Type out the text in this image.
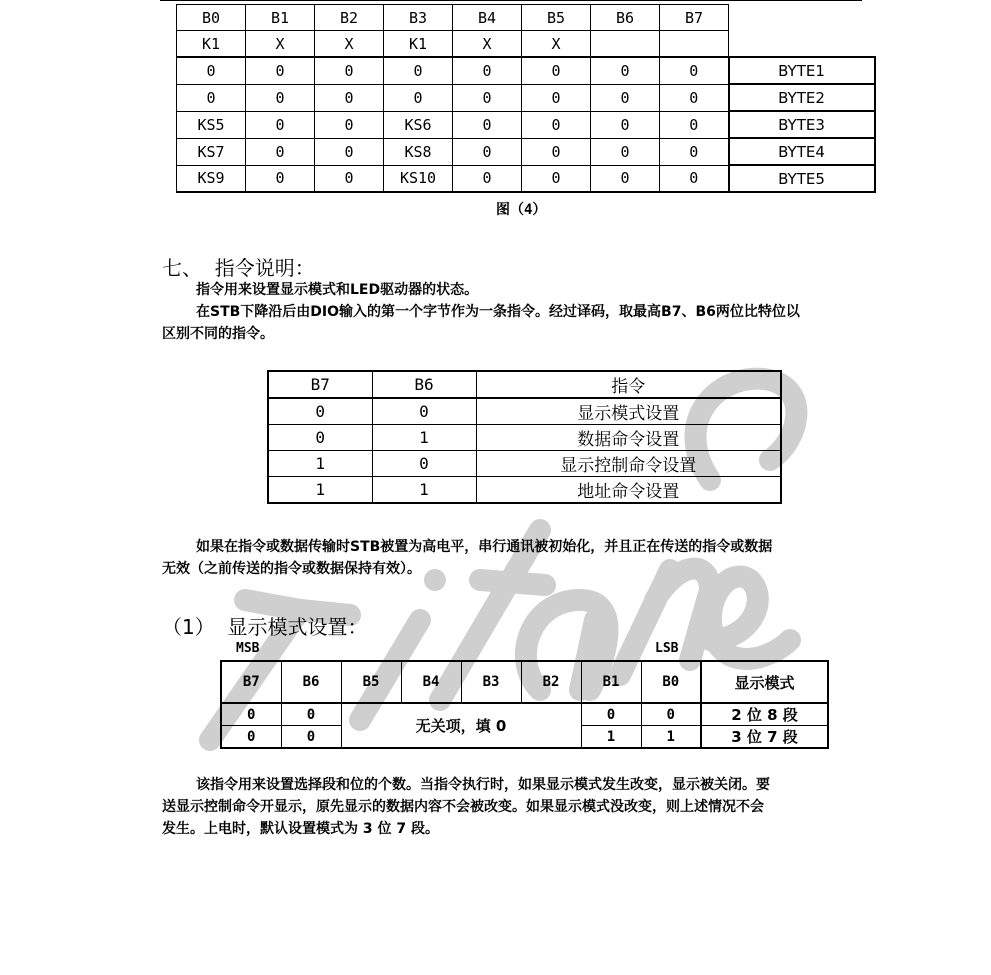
B0	B1	B2	B3	B4	B5	B6	B7	
K1	X	X	K1	X	X			
0	0	0	0	0	0	0	0	BYTE1
0	0	0	0	0	0	0	0	BYTE2
KS5	0	0	KS6	0	0	0	0	BYTE3
KS7	0	0	KS8	0	0	0	0	BYTE4
KS9	0	0	KS10	0	0	0	0	BYTE5
图（4）
七、  指令说明：
指令用来设置显示模式和LED驱动器的状态。
在STB下降沿后由DIO输入的第一个字节作为一条指令。经过译码，取最高B7、B6两位比特位以
区别不同的指令。
B7	B6	指令
0	0	显示模式设置
0	1	数据命令设置
1	0	显示控制命令设置
1	1	地址命令设置
如果在指令或数据传输时STB被置为高电平，串行通讯被初始化，并且正在传送的指令或数据
无效（之前传送的指令或数据保持有效）。
（1）  显示模式设置：
MSB	LSB
B7	B6	B5	B4	B3	B2	B1	B0	显示模式
0	0	无关项，填 0				0	0	2 位 8 段
0	0					1	1	3 位 7 段
该指令用来设置选择段和位的个数。当指令执行时，如果显示模式发生改变，显示被关闭。要
送显示控制命令开显示，原先显示的数据内容不会被改变。如果显示模式没改变，则上述情况不会
发生。上电时，默认设置模式为 3 位 7 段。
